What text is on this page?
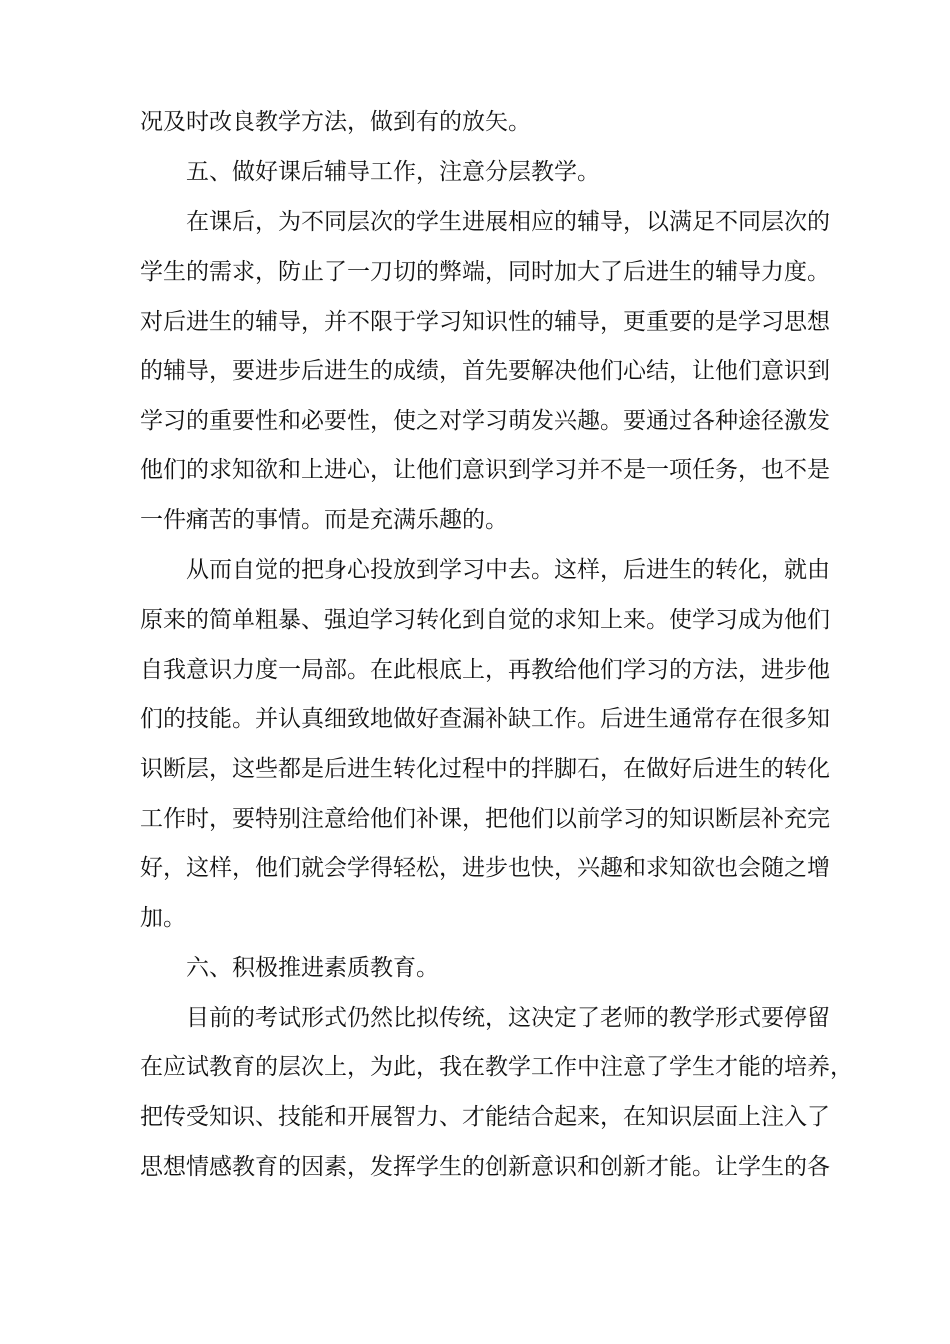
况及时改良教学方法，做到有的放矢。
五、做好课后辅导工作，注意分层教学。
在课后，为不同层次的学生进展相应的辅导，以满足不同层次的
学生的需求，防止了一刀切的弊端，同时加大了后进生的辅导力度。
对后进生的辅导，并不限于学习知识性的辅导，更重要的是学习思想
的辅导，要进步后进生的成绩，首先要解决他们心结，让他们意识到
学习的重要性和必要性，使之对学习萌发兴趣。要通过各种途径激发
他们的求知欲和上进心，让他们意识到学习并不是一项任务，也不是
一件痛苦的事情。而是充满乐趣的。
从而自觉的把身心投放到学习中去。这样，后进生的转化，就由
原来的简单粗暴、强迫学习转化到自觉的求知上来。使学习成为他们
自我意识力度一局部。在此根底上，再教给他们学习的方法，进步他
们的技能。并认真细致地做好查漏补缺工作。后进生通常存在很多知
识断层，这些都是后进生转化过程中的拌脚石，在做好后进生的转化
工作时，要特别注意给他们补课，把他们以前学习的知识断层补充完
好，这样，他们就会学得轻松，进步也快，兴趣和求知欲也会随之增
加。
六、积极推进素质教育。
目前的考试形式仍然比拟传统，这决定了老师的教学形式要停留
在应试教育的层次上，为此，我在教学工作中注意了学生才能的培养，
把传受知识、技能和开展智力、才能结合起来，在知识层面上注入了
思想情感教育的因素，发挥学生的创新意识和创新才能。让学生的各
